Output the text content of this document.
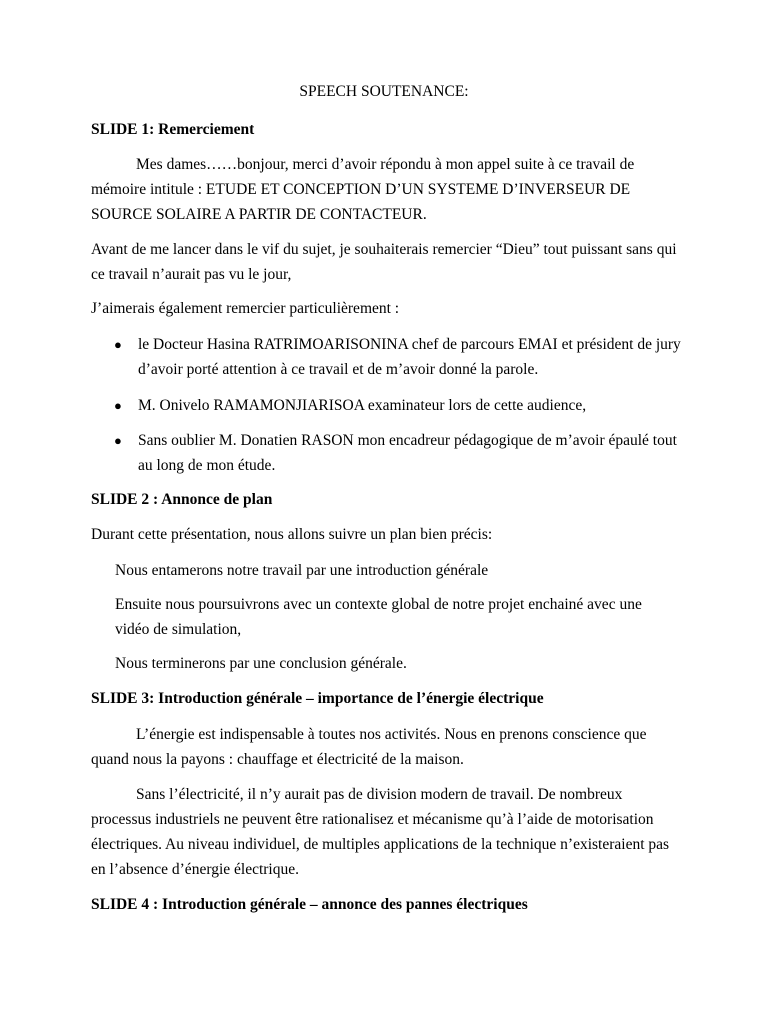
SPEECH SOUTENANCE:

SLIDE 1: Remerciement

Mes dames……bonjour, merci d’avoir répondu à mon appel suite à ce travail de mémoire intitule : ETUDE ET CONCEPTION D’UN SYSTEME D’INVERSEUR DE SOURCE SOLAIRE A PARTIR DE CONTACTEUR.

Avant de me lancer dans le vif du sujet, je souhaiterais remercier “Dieu” tout puissant sans qui ce travail n’aurait pas vu le jour,

J’aimerais également remercier particulièrement :

● le Docteur Hasina RATRIMOARISONINA chef de parcours EMAI et président de jury d’avoir porté attention à ce travail et de m’avoir donné la parole.

● M. Onivelo RAMAMONJIARISOA examinateur lors de cette audience,

● Sans oublier M. Donatien RASON mon encadreur pédagogique de m’avoir épaulé tout au long de mon étude.

SLIDE 2 : Annonce de plan

Durant cette présentation, nous allons suivre un plan bien précis:

Nous entamerons notre travail par une introduction générale

Ensuite nous poursuivrons avec un contexte global de notre projet enchainé avec une vidéo de simulation,

Nous terminerons par une conclusion générale.

SLIDE 3: Introduction générale – importance de l’énergie électrique

L’énergie est indispensable à toutes nos activités. Nous en prenons conscience que quand nous la payons : chauffage et électricité de la maison.

Sans l’électricité, il n’y aurait pas de division modern de travail. De nombreux processus industriels ne peuvent être rationalisez et mécanisme qu’à l’aide de motorisation électriques. Au niveau individuel, de multiples applications de la technique n’existeraient pas en l’absence d’énergie électrique.

SLIDE 4 : Introduction générale – annonce des pannes électriques
